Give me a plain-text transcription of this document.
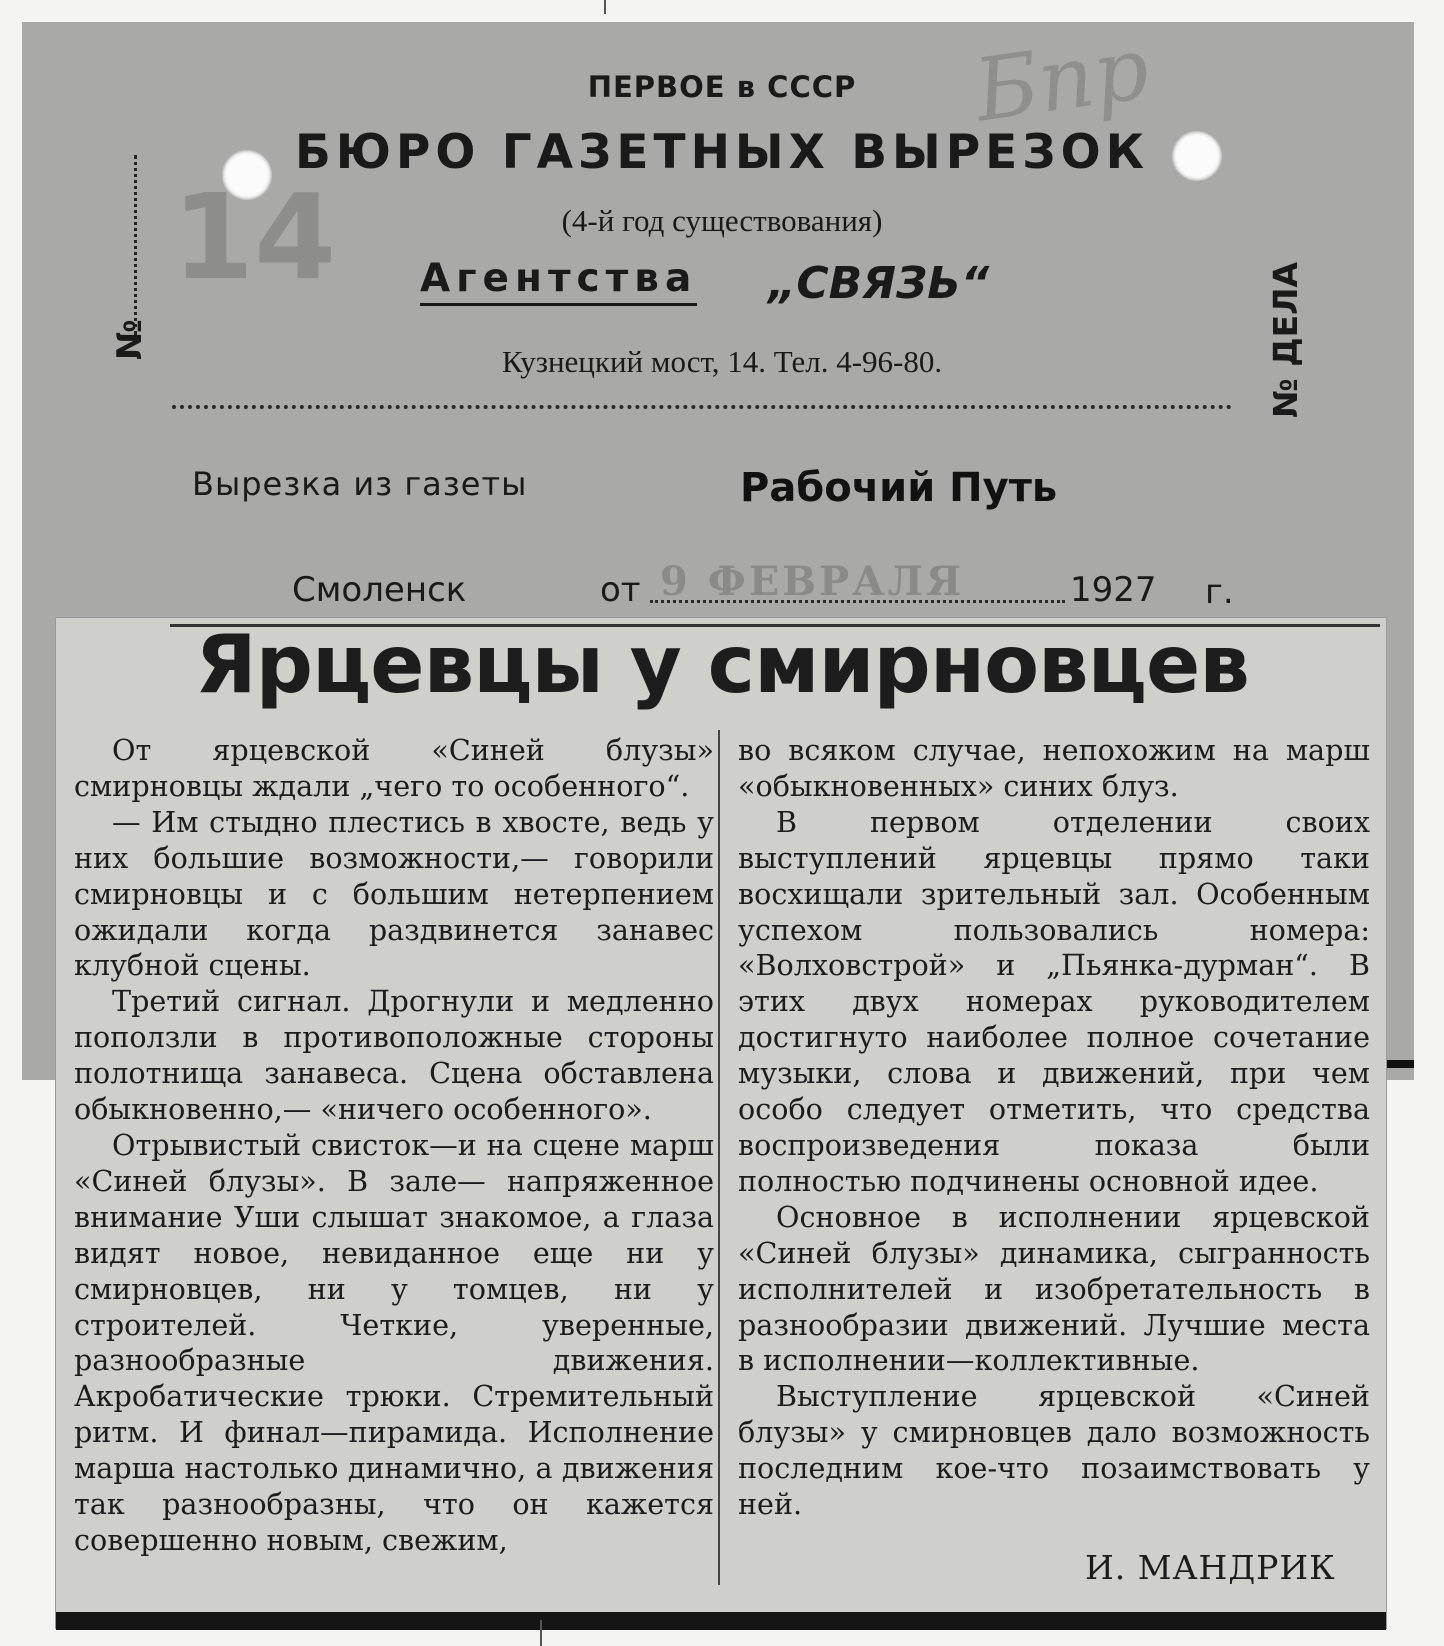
14
Бпр
ПЕРВОЕ в СССР
БЮРО ГАЗЕТНЫХ ВЫРЕЗОК
(4-й год существования)
Агентства „СВЯЗЬ“
Кузнецкий мост, 14. Тел. 4-96-80.
№	№ ДЕЛА
Вырезка из газеты	Рабочий Путь
Смоленск	от 9 ФЕВРАЛЯ	1927 г.
Ярцевцы у смирновцев

От ярцевской «Синей блузы» смирновцы ждали „чего то особенного“.

— Им стыдно плестись в хвосте, ведь у них большие возможности,— говорили смирновцы и с большим нетерпением ожидали когда раздвинется занавес клубной сцены.

Третий сигнал. Дрогнули и медленно поползли в противоположные стороны полотнища занавеса. Сцена обставлена обыкновенно,— «ничего особенного».

Отрывистый свисток—и на сцене марш «Синей блузы». В зале— напряженное внимание Уши слышат знакомое, а глаза видят новое, невиданное еще ни у смирновцев, ни у томцев, ни у строителей. Четкие, уверенные, разнообразные движения. Акробатические трюки. Стремительный ритм. И финал—пирамида. Исполнение марша настолько динамично, а движения так разнообразны, что он кажется совершенно новым, свежим,

во всяком случае, непохожим на марш «обыкновенных» синих блуз.

В первом отделении своих выступлений ярцевцы прямо таки восхищали зрительный зал. Особенным успехом пользовались номера: «Волховстрой» и „Пьянка-дурман“. В этих двух номерах руководителем достигнуто наиболее полное сочетание музыки, слова и движений, при чем особо следует отметить, что средства воспроизведения показа были полностью подчинены основной идее.

Основное в исполнении ярцевской «Синей блузы» динамика, сыгранность исполнителей и изобретательность в разнообразии движений. Лучшие места в исполнении—коллективные.

Выступление ярцевской «Синей блузы» у смирновцев дало возможность последним кое-что позаимствовать у ней.

И. МАНДРИК
